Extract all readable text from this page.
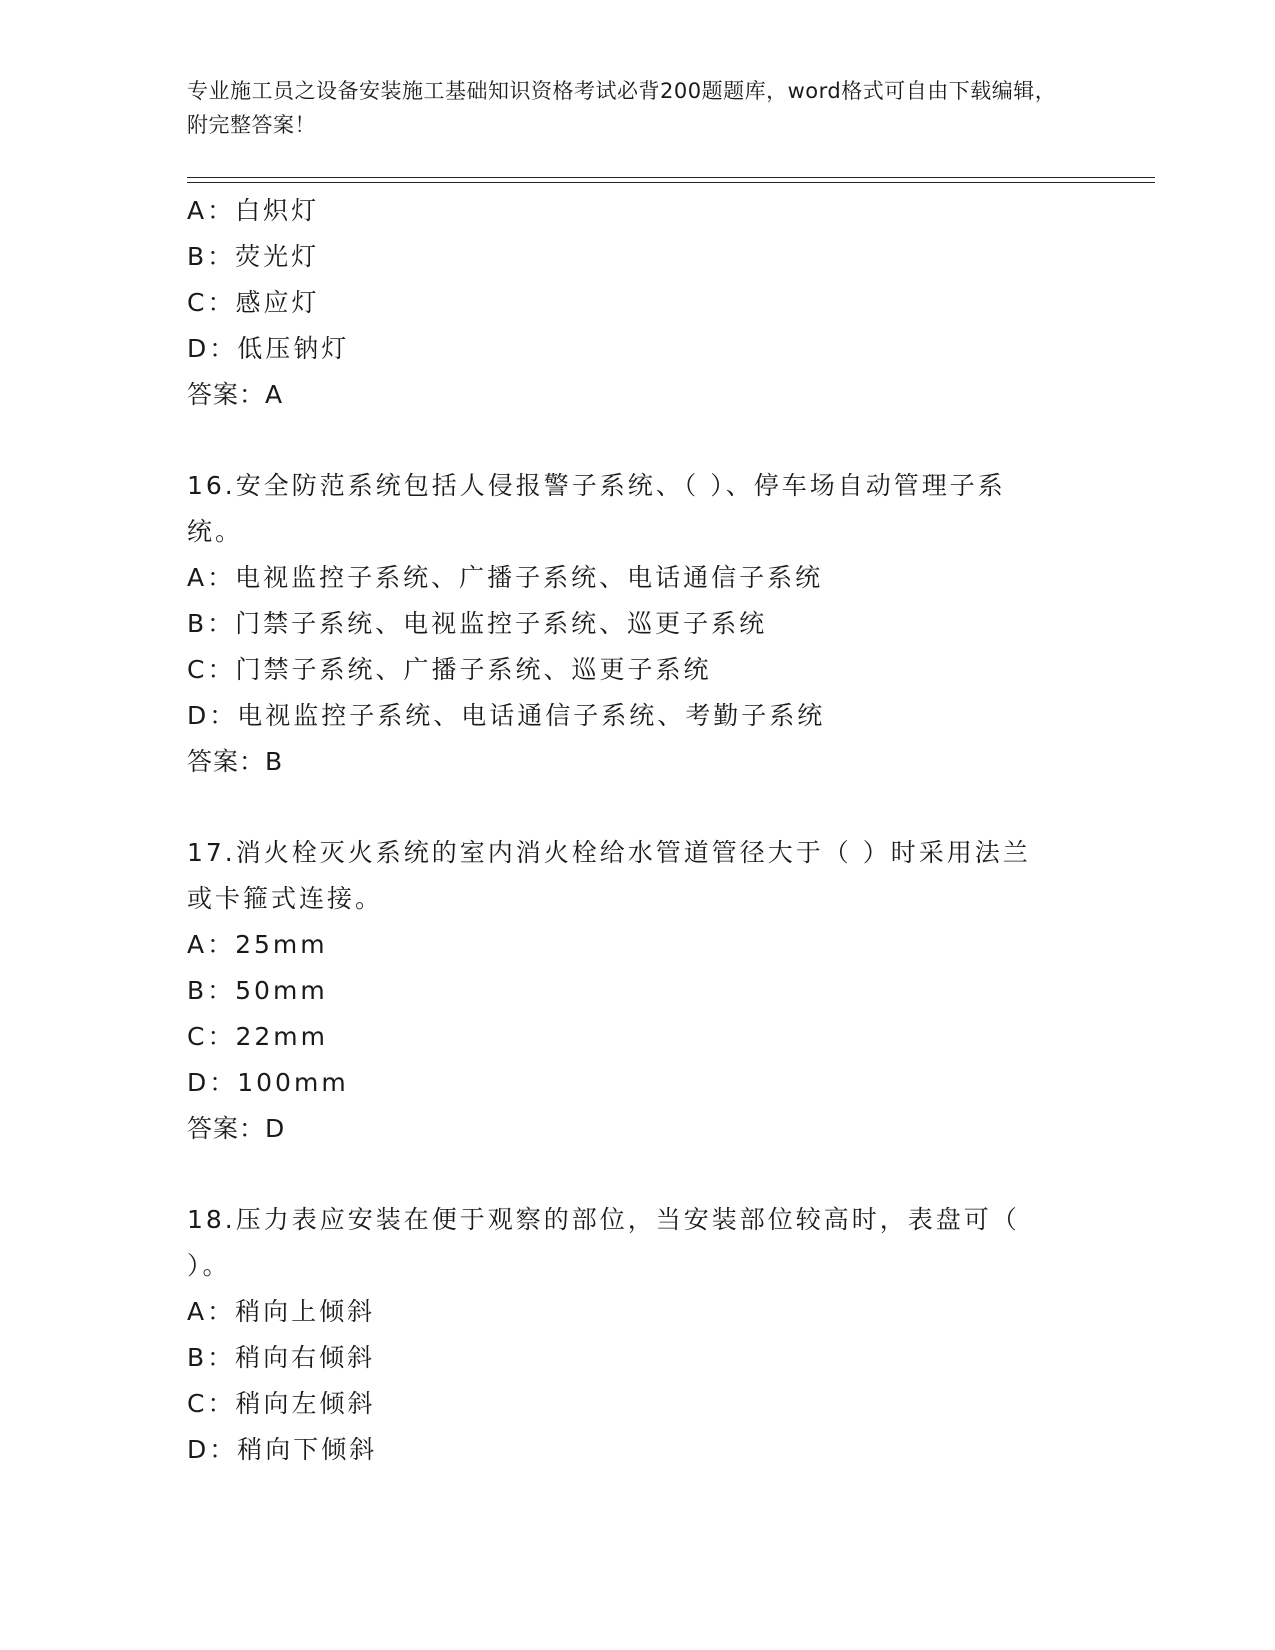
专业施工员之设备安装施工基础知识资格考试必背200题题库，word格式可自由下载编辑，附完整答案！
A：白炽灯
B：荧光灯
C：感应灯
D：低压钠灯
答案：A
16.安全防范系统包括人侵报警子系统、（ ）、停车场自动管理子系
统。
A：电视监控子系统、广播子系统、电话通信子系统
B：门禁子系统、电视监控子系统、巡更子系统
C：门禁子系统、广播子系统、巡更子系统
D：电视监控子系统、电话通信子系统、考勤子系统
答案：B
17.消火栓灭火系统的室内消火栓给水管道管径大于（ ）时采用法兰
或卡箍式连接。
A：25mm
B：50mm
C：22mm
D：100mm
答案：D
18.压力表应安装在便于观察的部位，当安装部位较高时，表盘可（
）。
A：稍向上倾斜
B：稍向右倾斜
C：稍向左倾斜
D：稍向下倾斜
